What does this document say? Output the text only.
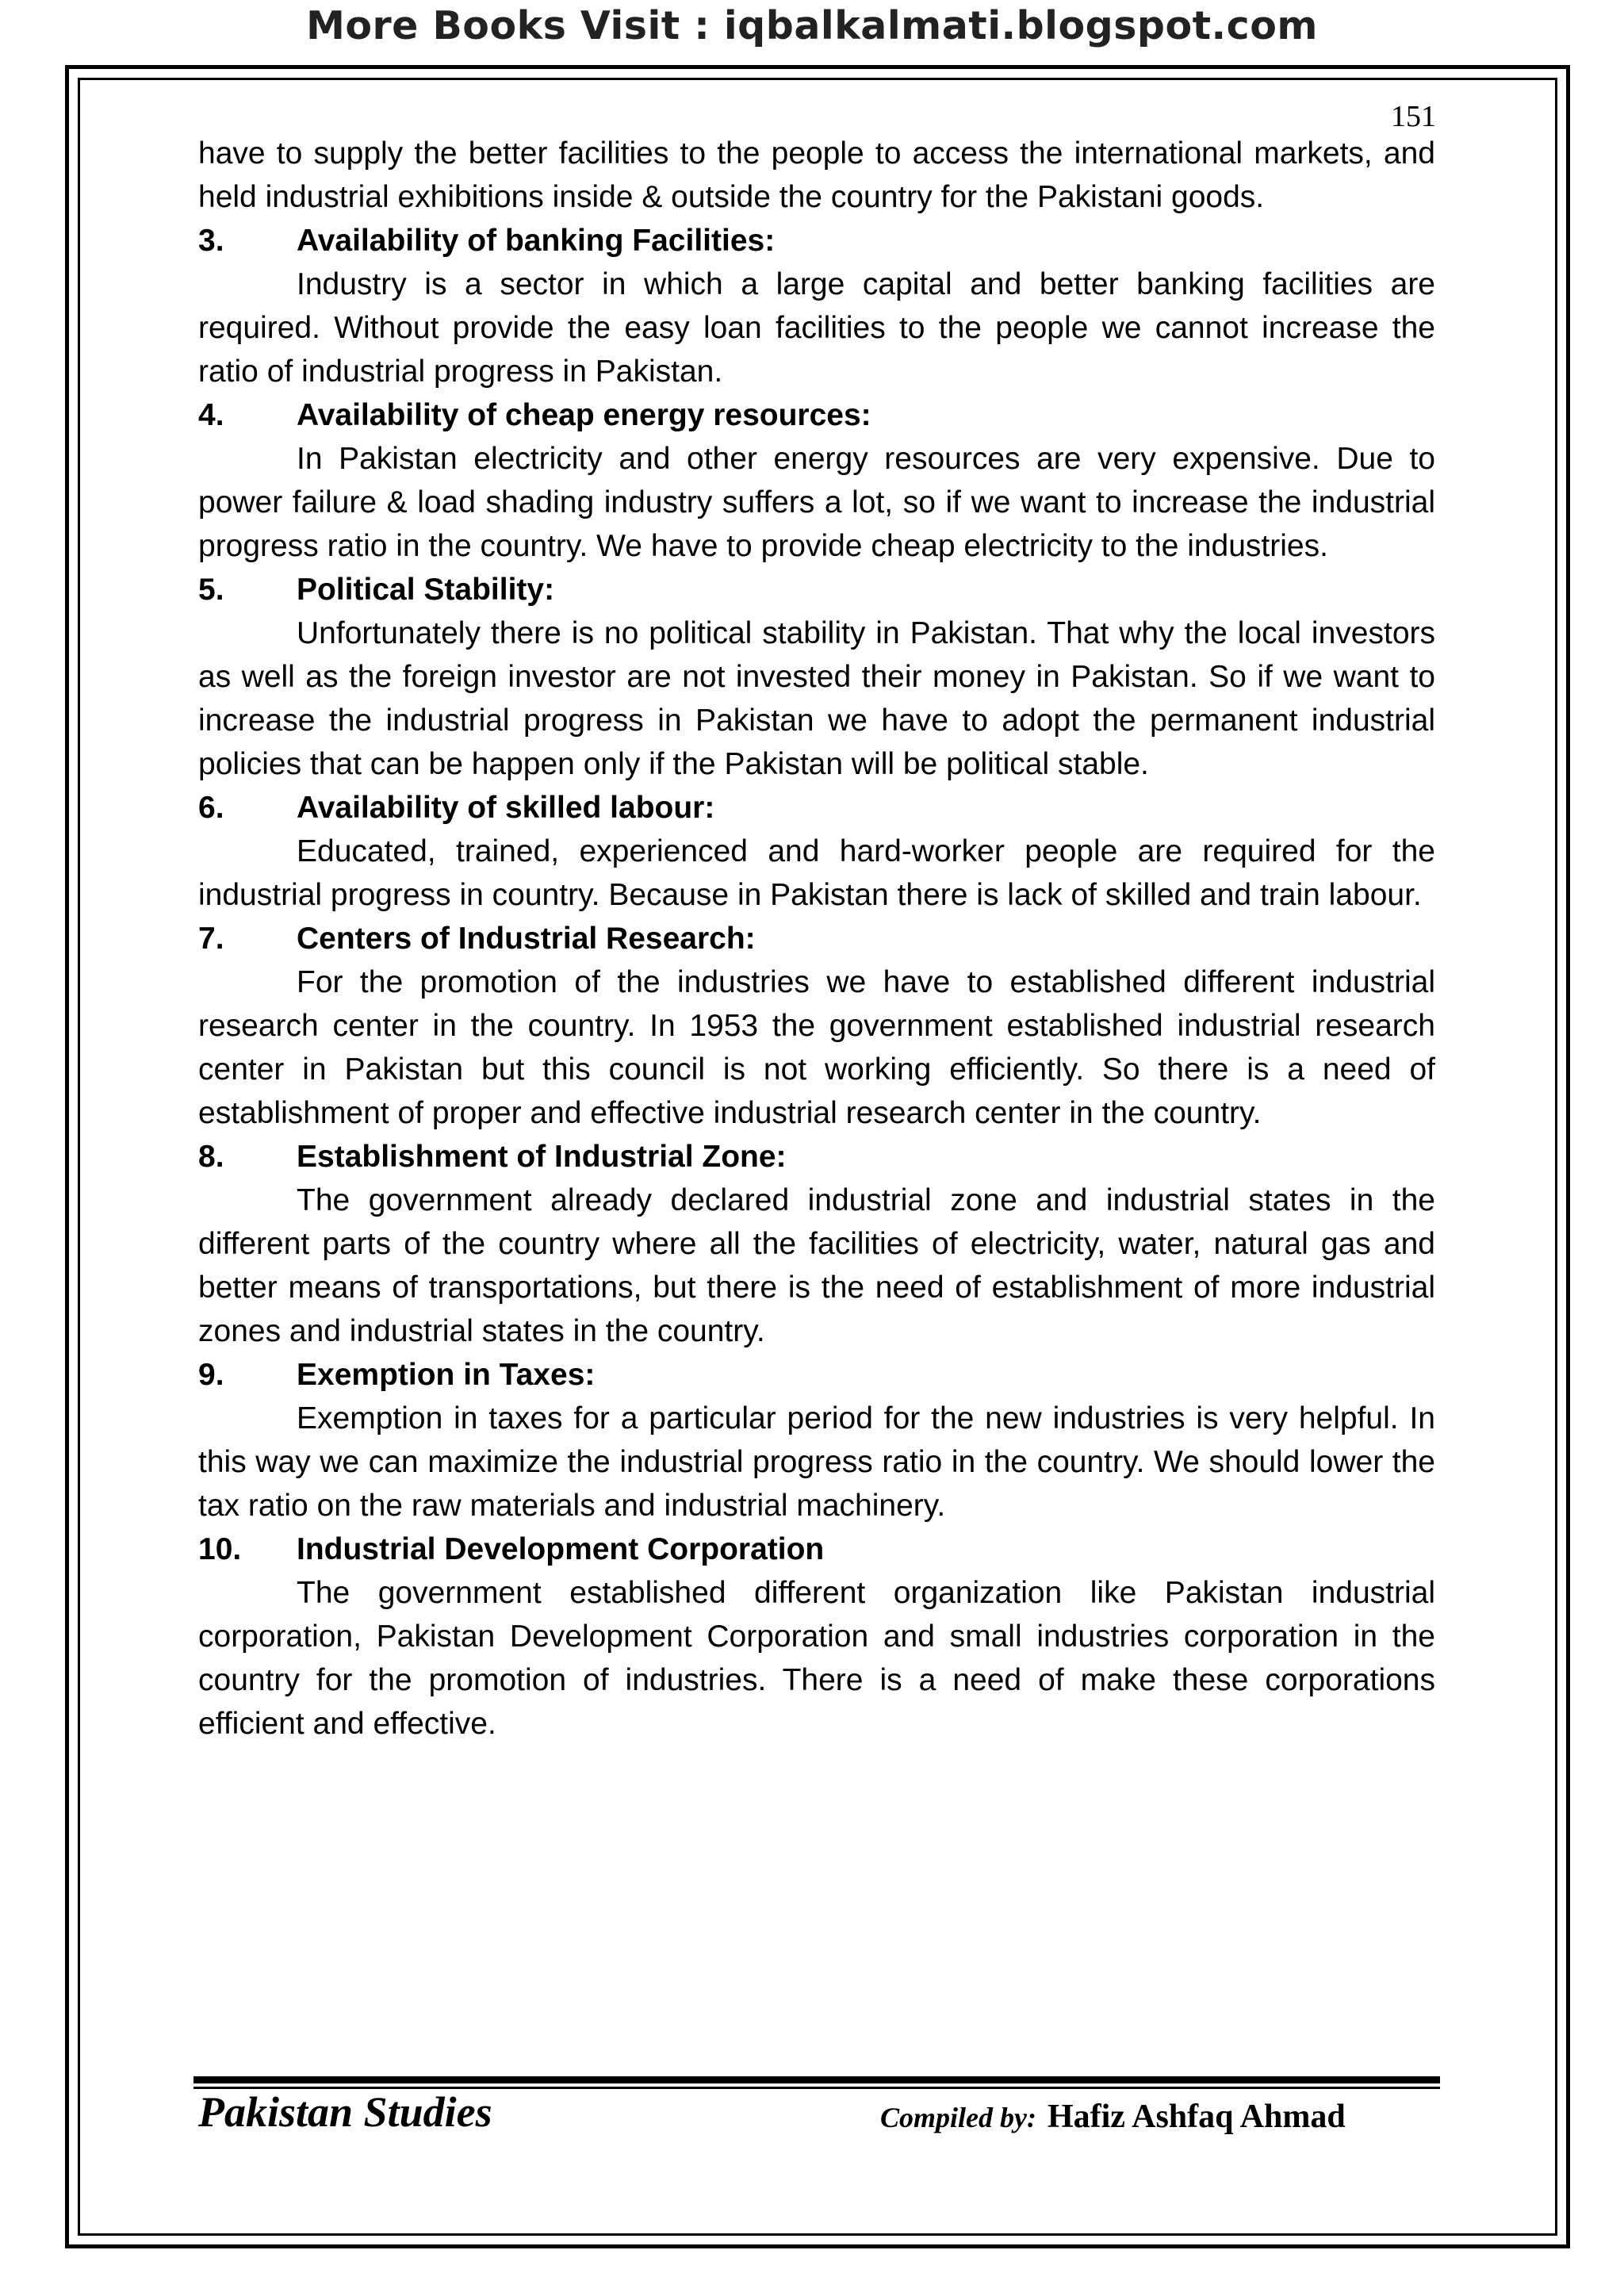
More Books Visit : iqbalkalmati.blogspot.com
151

have to supply the better facilities to the people to access the international markets, and held industrial exhibitions inside & outside the country for the Pakistani goods.

3.	Availability of banking Facilities:

Industry is a sector in which a large capital and better banking facilities are required. Without provide the easy loan facilities to the people we cannot increase the ratio of industrial progress in Pakistan.

4.	Availability of cheap energy resources:

In Pakistan electricity and other energy resources are very expensive. Due to power failure & load shading industry suffers a lot, so if we want to increase the industrial progress ratio in the country. We have to provide cheap electricity to the industries.

5.	Political Stability:

Unfortunately there is no political stability in Pakistan. That why the local investors as well as the foreign investor are not invested their money in Pakistan. So if we want to increase the industrial progress in Pakistan we have to adopt the permanent industrial policies that can be happen only if the Pakistan will be political stable.

6.	Availability of skilled labour:

Educated, trained, experienced and hard-worker people are required for the industrial progress in country. Because in Pakistan there is lack of skilled and train labour.

7.	Centers of Industrial Research:

For the promotion of the industries we have to established different industrial research center in the country. In 1953 the government established industrial research center in Pakistan but this council is not working efficiently. So there is a need of establishment of proper and effective industrial research center in the country.

8.	Establishment of Industrial Zone:

The government already declared industrial zone and industrial states in the different parts of the country where all the facilities of electricity, water, natural gas and better means of transportations, but there is the need of establishment of more industrial zones and industrial states in the country.

9.	Exemption in Taxes:

Exemption in taxes for a particular period for the new industries is very helpful. In this way we can maximize the industrial progress ratio in the country. We should lower the tax ratio on the raw materials and industrial machinery.

10.	Industrial Development Corporation

The government established different organization like Pakistan industrial corporation, Pakistan Development Corporation and small industries corporation in the country for the promotion of industries. There is a need of make these corporations efficient and effective.

Pakistan Studies	Compiled by: Hafiz Ashfaq Ahmad
